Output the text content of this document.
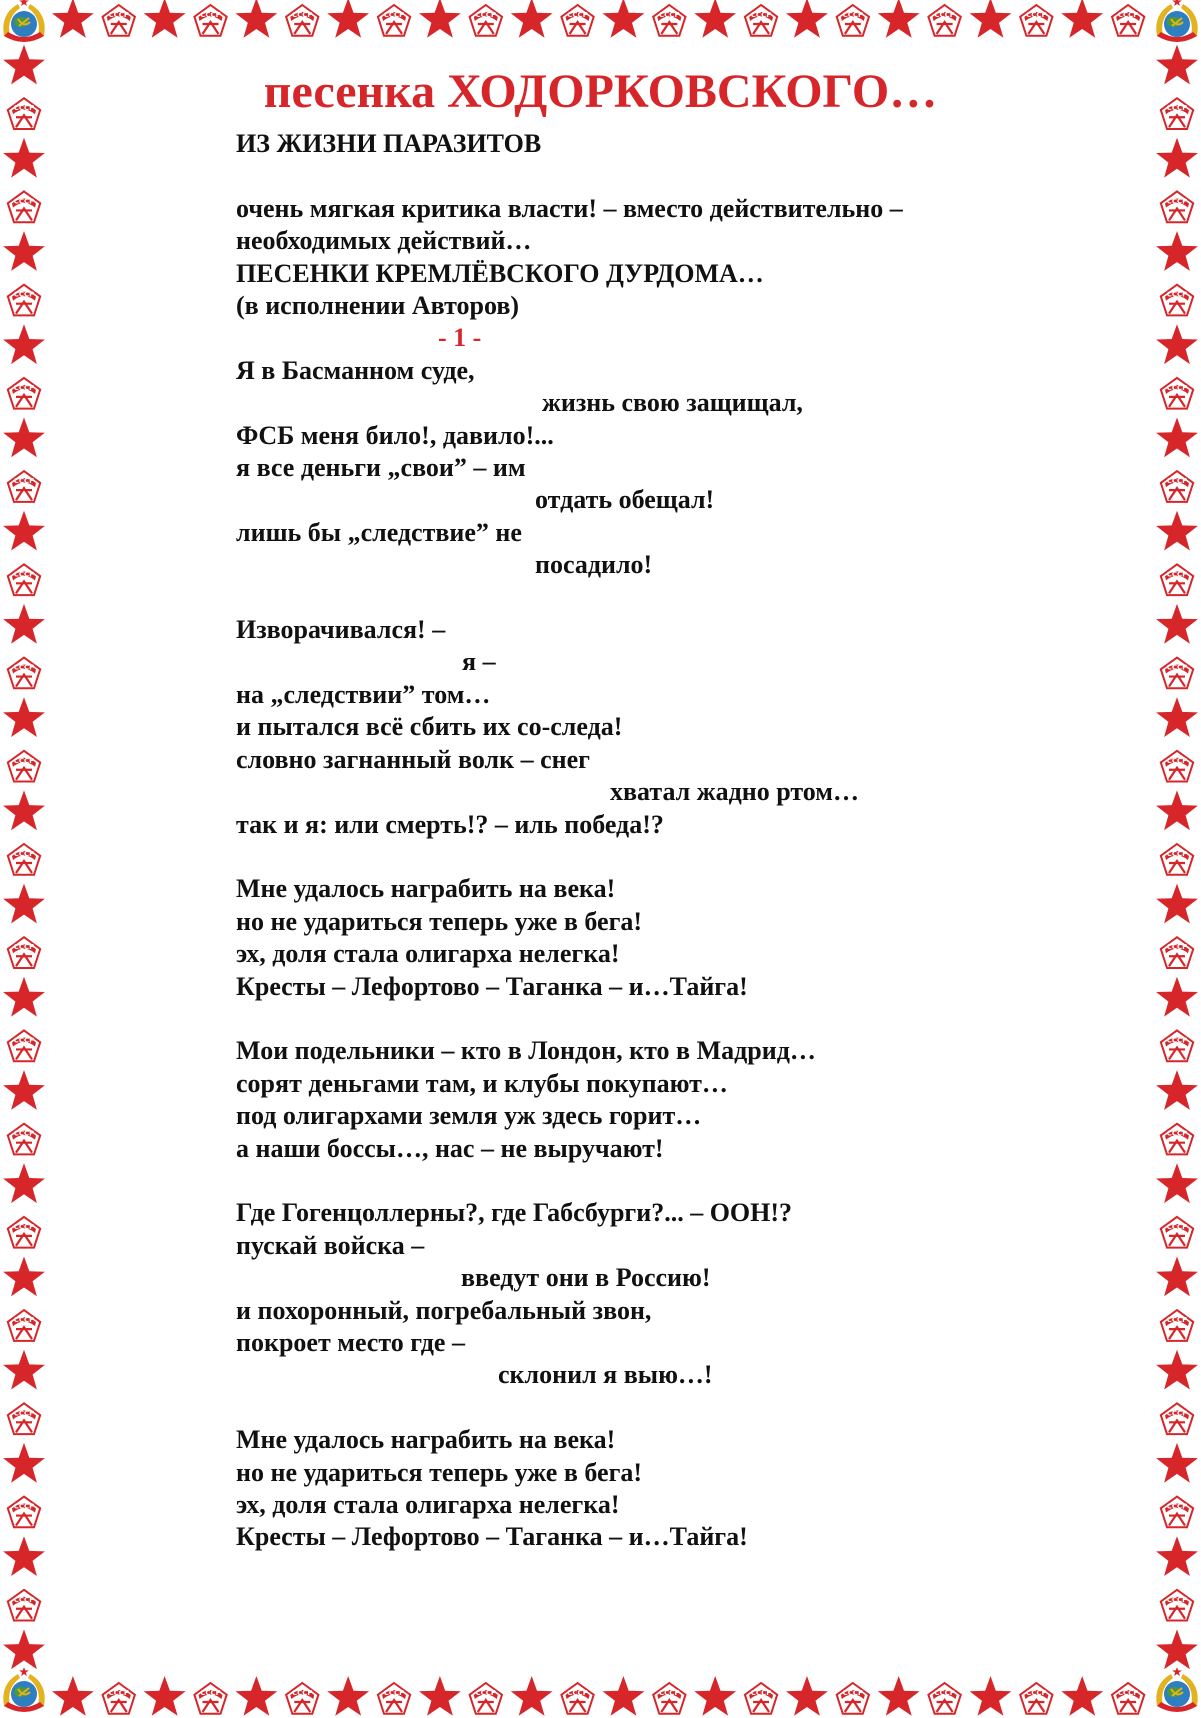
СССР	СССР	СССР	СССР	СССР	СССР	СССР	СССР	СССР	СССР	СССР	СССР
СССР	СССР	СССР	СССР	СССР	СССР	СССР	СССР	СССР	СССР	СССР	СССР
СССР
СССР
СССР
СССР
СССР
СССР
СССР
СССР
СССР
СССР
СССР
СССР
СССР
СССР
СССР
СССР
СССР
СССР
СССР
СССР
СССР
СССР
СССР
СССР
СССР
СССР
СССР
СССР
СССР
СССР
СССР
СССР
СССР
СССР
песенка ХОДОРКОВСКОГО…
ИЗ ЖИЗНИ ПАРАЗИТОВ
очень мягкая критика власти! – вместо действительно –
необходимых действий…
ПЕСЕНКИ КРЕМЛЁВСКОГО ДУРДОМА…
(в исполнении Авторов)
- 1 -
Я в Басманном суде,
жизнь свою защищал,
ФСБ меня било!, давило!...
я все деньги „свои” – им
отдать обещал!
лишь бы „следствие” не
посадило!
Изворачивался! –
я –
на „следствии” том…
и пытался всё сбить их со-следа!
словно загнанный волк – снег
хватал жадно ртом…
так и я: или смерть!? – иль победа!?
Мне удалось награбить на века!
но не удариться теперь уже в бега!
эх, доля стала олигарха нелегка!
Кресты – Лефортово – Таганка – и…Тайга!
Мои подельники – кто в Лондон, кто в Мадрид…
сорят деньгами там, и клубы покупают…
под олигархами земля уж здесь горит…
а наши боссы…, нас – не выручают!
Где Гогенцоллерны?, где Габсбурги?... – ООН!?
пускай войска –
введут они в Россию!
и похоронный, погребальный звон,
покроет место где –
склонил я выю…!
Мне удалось награбить на века!
но не удариться теперь уже в бега!
эх, доля стала олигарха нелегка!
Кресты – Лефортово – Таганка – и…Тайга!
